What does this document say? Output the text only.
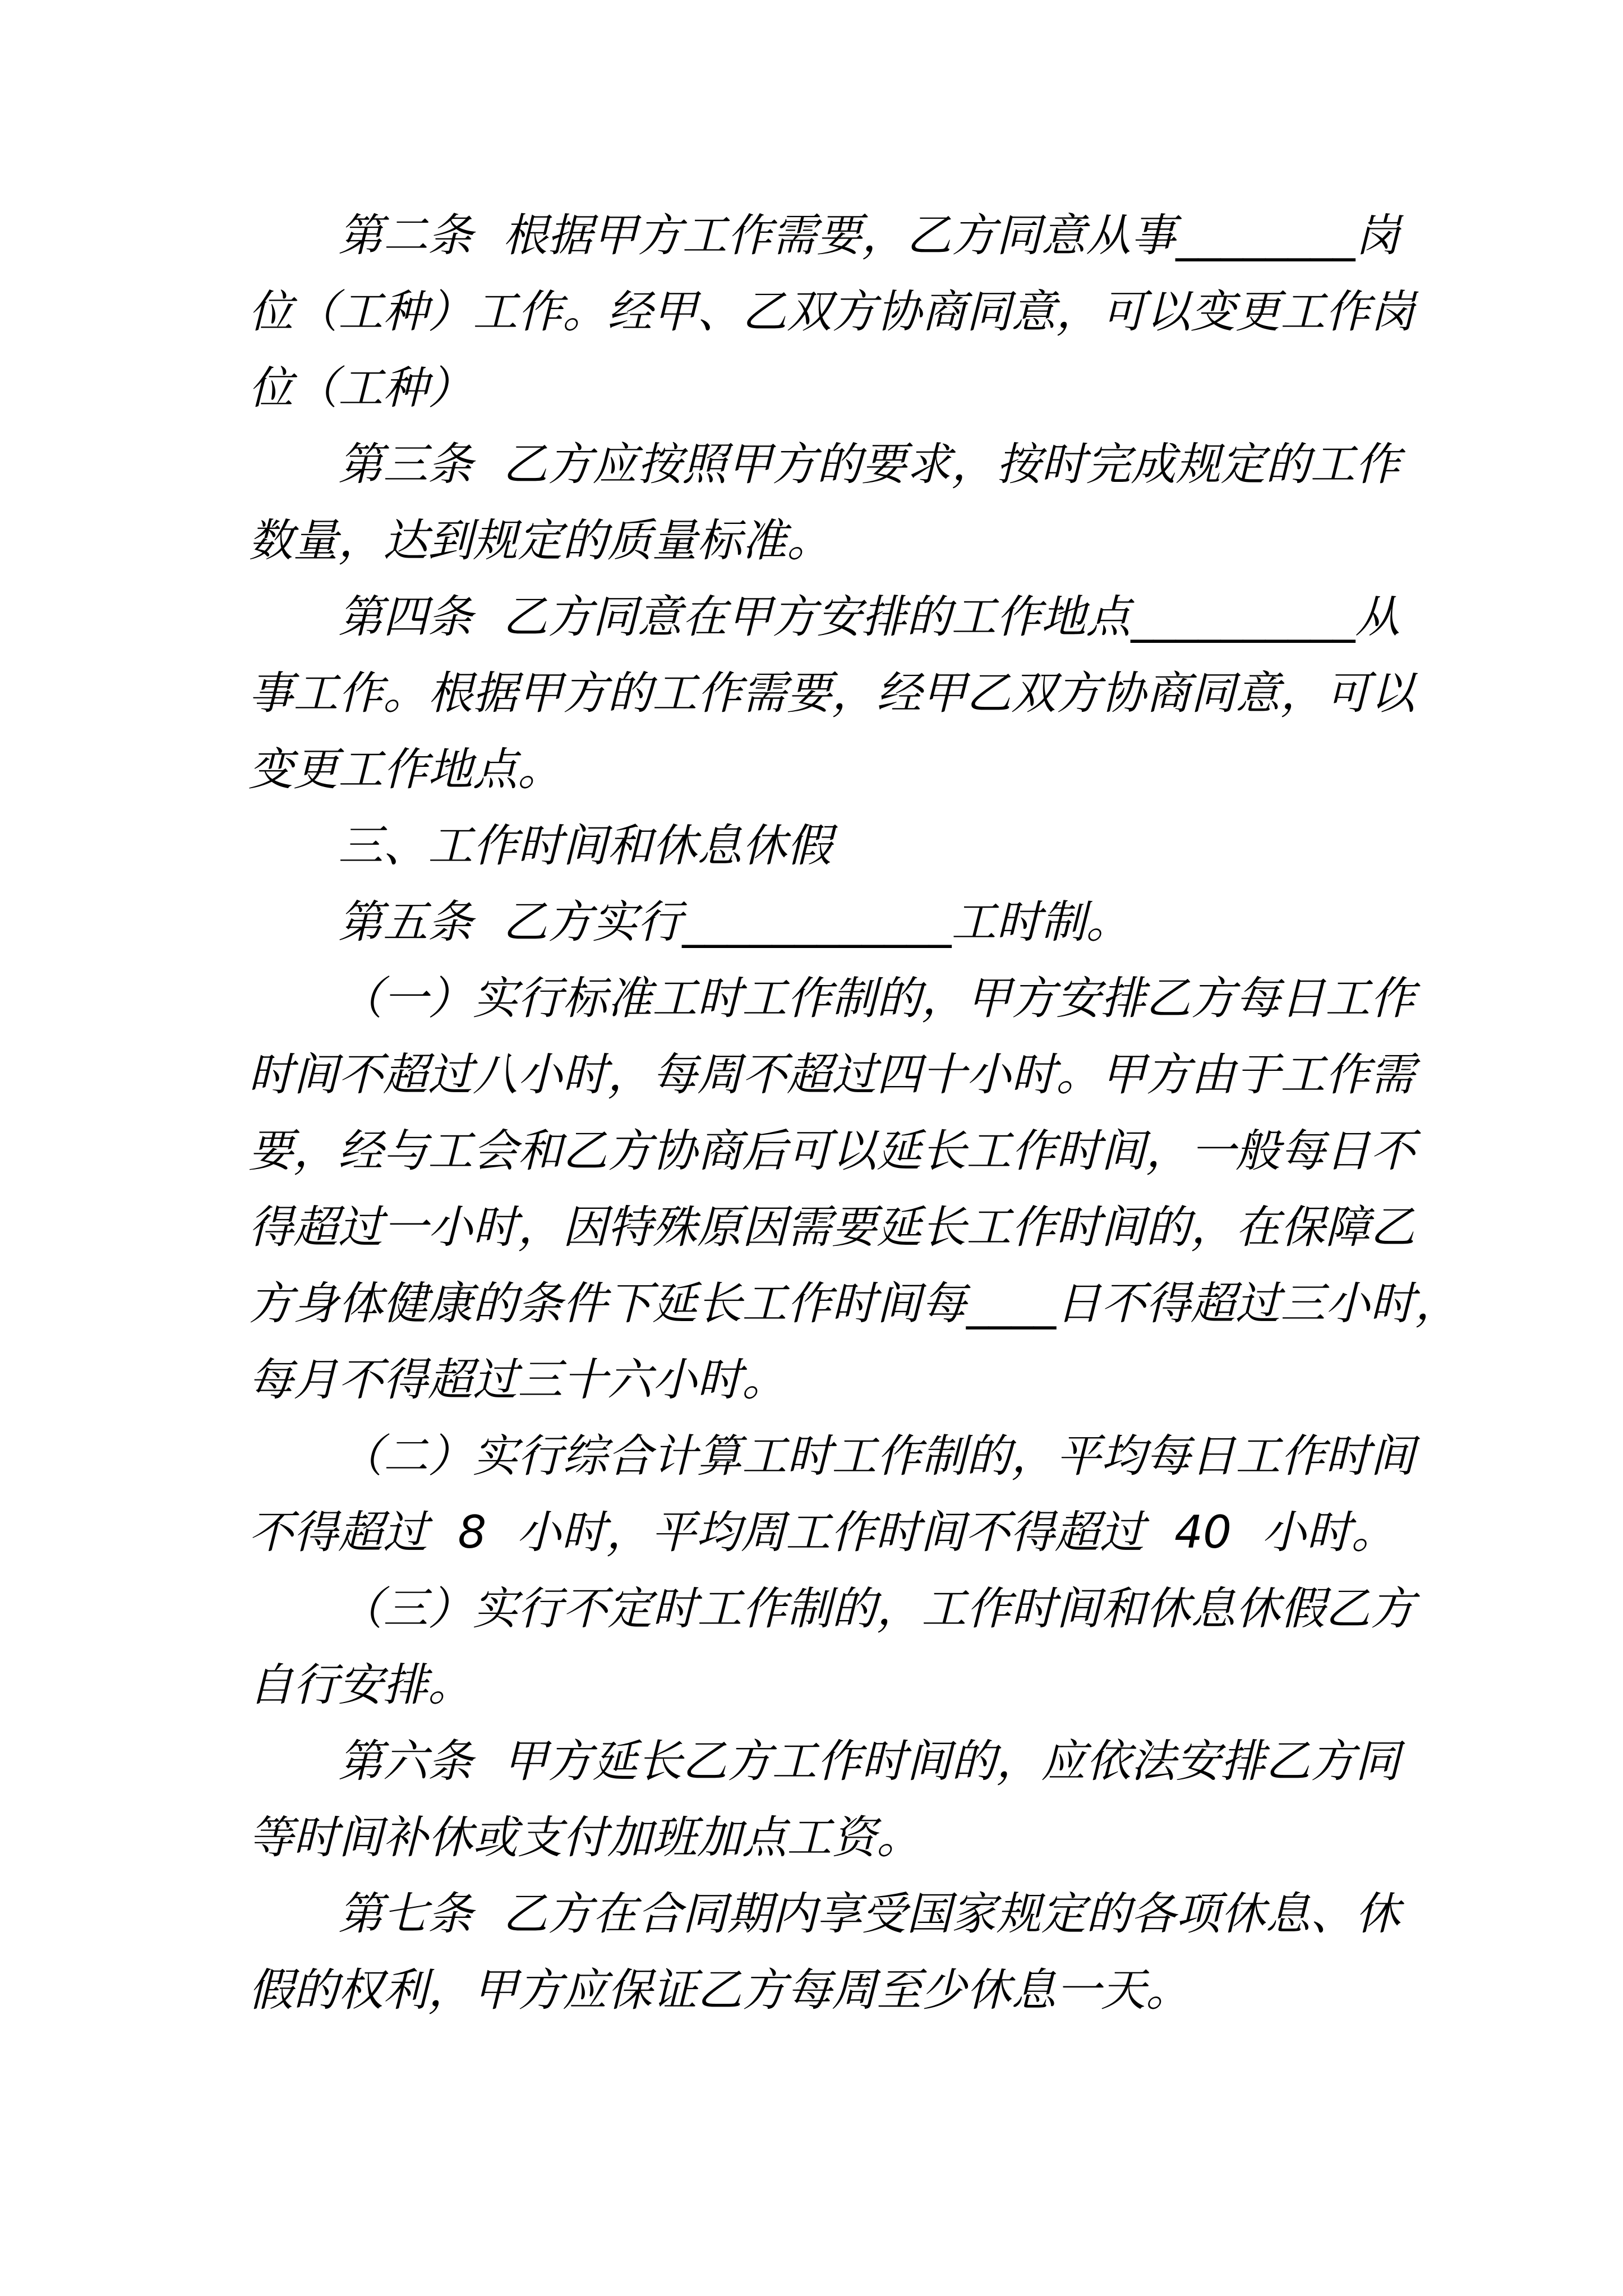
第二条 根据甲方工作需要，乙方同意从事________岗
位（工种）工作。经甲、乙双方协商同意，可以变更工作岗
位（工种）
第三条 乙方应按照甲方的要求，按时完成规定的工作
数量，达到规定的质量标准。
第四条 乙方同意在甲方安排的工作地点__________从
事工作。根据甲方的工作需要，经甲乙双方协商同意，可以
变更工作地点。
三、工作时间和休息休假
第五条 乙方实行____________工时制。
（一）实行标准工时工作制的，甲方安排乙方每日工作
时间不超过八小时，每周不超过四十小时。甲方由于工作需
要，经与工会和乙方协商后可以延长工作时间，一般每日不
得超过一小时，因特殊原因需要延长工作时间的，在保障乙
方身体健康的条件下延长工作时间每____日不得超过三小时，
每月不得超过三十六小时。
（二）实行综合计算工时工作制的，平均每日工作时间
不得超过 8 小时，平均周工作时间不得超过 40 小时。
（三）实行不定时工作制的，工作时间和休息休假乙方
自行安排。
第六条 甲方延长乙方工作时间的，应依法安排乙方同
等时间补休或支付加班加点工资。
第七条 乙方在合同期内享受国家规定的各项休息、休
假的权利，甲方应保证乙方每周至少休息一天。
